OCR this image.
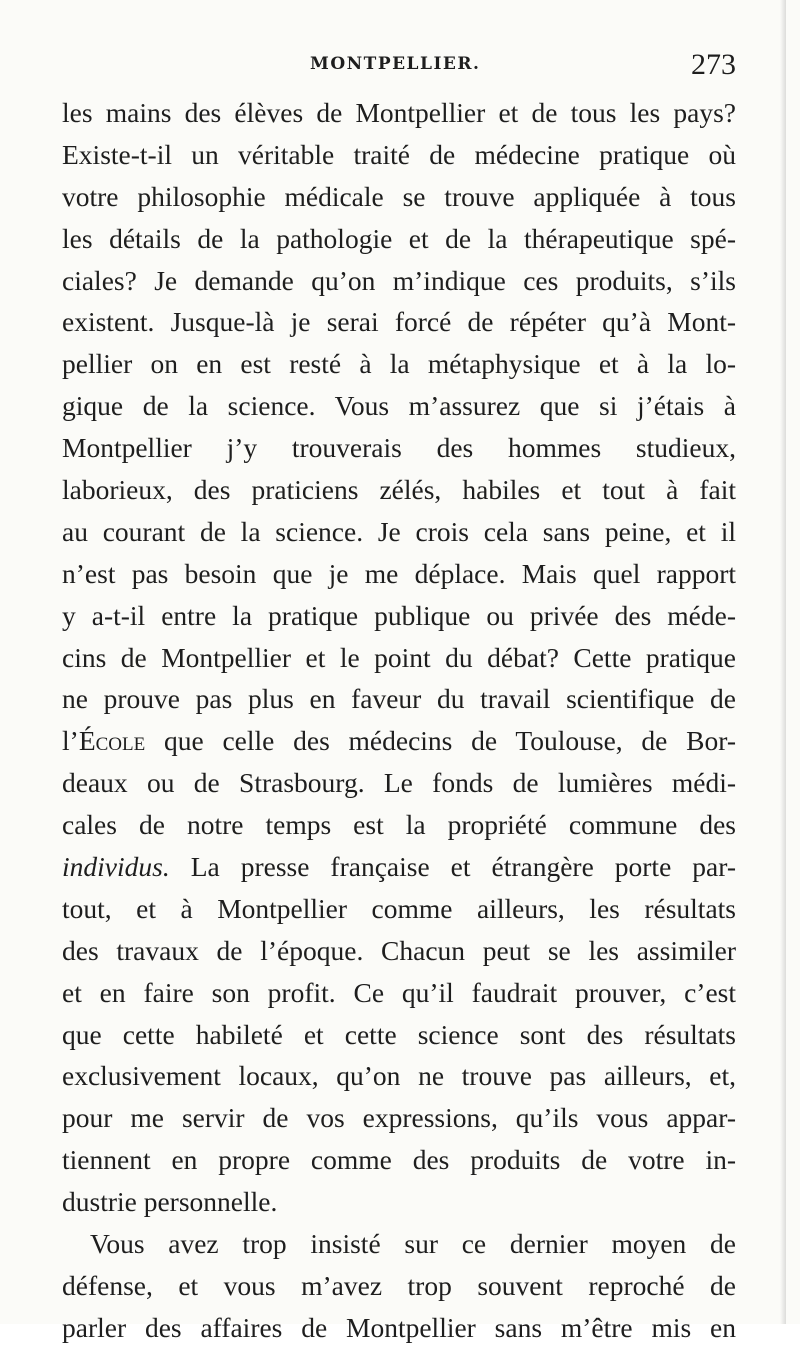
MONTPELLIER.	273
les mains des élèves de Montpellier et de tous les pays?
Existe-t-il un véritable traité de médecine pratique où
votre philosophie médicale se trouve appliquée à tous
les détails de la pathologie et de la thérapeutique spé-
ciales? Je demande qu’on m’indique ces produits, s’ils
existent. Jusque-là je serai forcé de répéter qu’à Mont-
pellier on en est resté à la métaphysique et à la lo-
gique de la science. Vous m’assurez que si j’étais à
Montpellier j’y trouverais des hommes studieux,
laborieux, des praticiens zélés, habiles et tout à fait
au courant de la science. Je crois cela sans peine, et il
n’est pas besoin que je me déplace. Mais quel rapport
y a-t-il entre la pratique publique ou privée des méde-
cins de Montpellier et le point du débat? Cette pratique
ne prouve pas plus en faveur du travail scientifique de
l’École que celle des médecins de Toulouse, de Bor-
deaux ou de Strasbourg. Le fonds de lumières médi-
cales de notre temps est la propriété commune des
individus. La presse française et étrangère porte par-
tout, et à Montpellier comme ailleurs, les résultats
des travaux de l’époque. Chacun peut se les assimiler
et en faire son profit. Ce qu’il faudrait prouver, c’est
que cette habileté et cette science sont des résultats
exclusivement locaux, qu’on ne trouve pas ailleurs, et,
pour me servir de vos expressions, qu’ils vous appar-
tiennent en propre comme des produits de votre in-
dustrie personnelle.
Vous avez trop insisté sur ce dernier moyen de
défense, et vous m’avez trop souvent reproché de
parler des affaires de Montpellier sans m’être mis en
